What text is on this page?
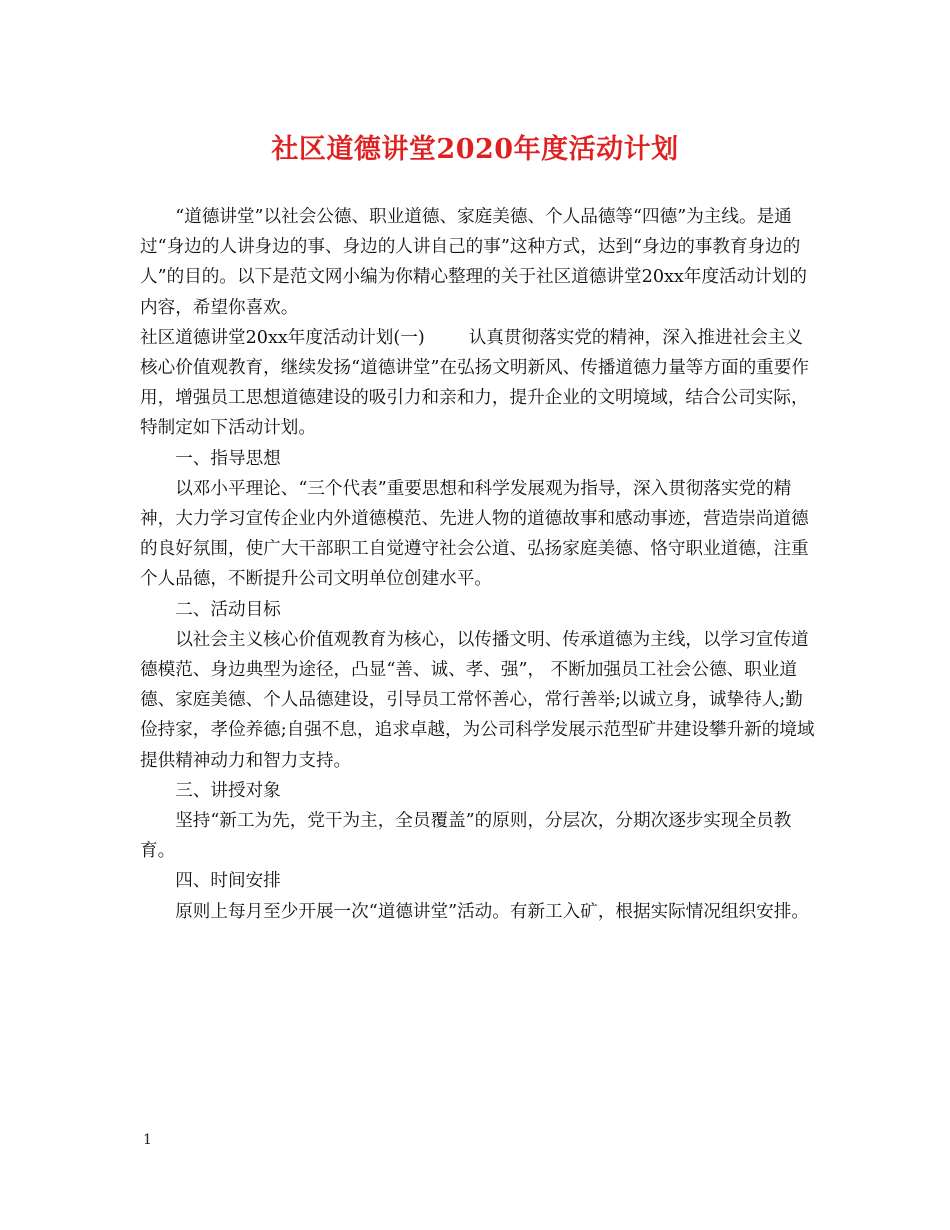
社区道德讲堂2020年度活动计划

“道德讲堂”以社会公德、职业道德、家庭美德、个人品德等“四德”为主线。是通过“身边的人讲身边的事、身边的人讲自己的事”这种方式，达到“身边的事教育身边的人”的目的。以下是范文网小编为你精心整理的关于社区道德讲堂20xx年度活动计划的内容，希望你喜欢。

社区道德讲堂20xx年度活动计划(一)	认真贯彻落实党的精神，深入推进社会主义核心价值观教育，继续发扬“道德讲堂”在弘扬文明新风、传播道德力量等方面的重要作用，增强员工思想道德建设的吸引力和亲和力，提升企业的文明境域，结合公司实际，特制定如下活动计划。

一、指导思想

以邓小平理论、“三个代表”重要思想和科学发展观为指导，深入贯彻落实党的精神，大力学习宣传企业内外道德模范、先进人物的道德故事和感动事迹，营造崇尚道德的良好氛围，使广大干部职工自觉遵守社会公道、弘扬家庭美德、恪守职业道德，注重个人品德，不断提升公司文明单位创建水平。

二、活动目标

以社会主义核心价值观教育为核心，以传播文明、传承道德为主线，以学习宣传道德模范、身边典型为途径，凸显“善、诚、孝、强”， 不断加强员工社会公德、职业道德、家庭美德、个人品德建设，引导员工常怀善心，常行善举;以诚立身，诚挚待人;勤俭持家，孝俭养德;自强不息，追求卓越，为公司科学发展示范型矿井建设攀升新的境域提供精神动力和智力支持。

三、讲授对象

坚持“新工为先，党干为主，全员覆盖”的原则，分层次，分期次逐步实现全员教育。

四、时间安排

原则上每月至少开展一次“道德讲堂”活动。有新工入矿，根据实际情况组织安排。

1
